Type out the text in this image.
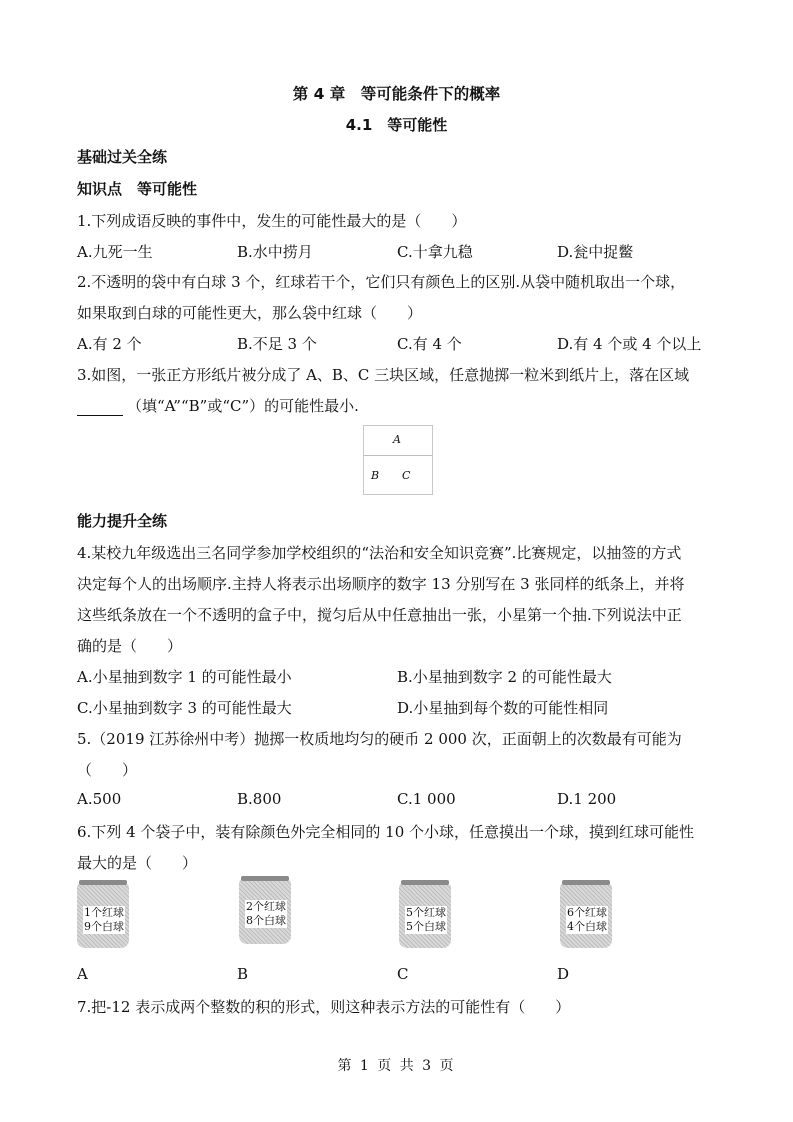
第 4 章　等可能条件下的概率
4.1　等可能性
基础过关全练
知识点　等可能性
1.下列成语反映的事件中，发生的可能性最大的是（　　）
A.九死一生	B.水中捞月	C.十拿九稳	D.瓮中捉鳖
2.不透明的袋中有白球 3 个，红球若干个，它们只有颜色上的区别.从袋中随机取出一个球，
如果取到白球的可能性更大，那么袋中红球（　　）
A.有 2 个	B.不足 3 个	C.有 4 个	D.有 4 个或 4 个以上
3.如图，一张正方形纸片被分成了 A、B、C 三块区域，任意抛掷一粒米到纸片上，落在区域
（填“A”“B”或“C”）的可能性最小.
A
B C
能力提升全练
4.某校九年级选出三名同学参加学校组织的“法治和安全知识竞赛”.比赛规定，以抽签的方式
决定每个人的出场顺序.主持人将表示出场顺序的数字 13 分别写在 3 张同样的纸条上，并将
这些纸条放在一个不透明的盒子中，搅匀后从中任意抽出一张，小星第一个抽.下列说法中正
确的是（　　）
A.小星抽到数字 1 的可能性最小	B.小星抽到数字 2 的可能性最大
C.小星抽到数字 3 的可能性最大	D.小星抽到每个数的可能性相同
5.（2019 江苏徐州中考）抛掷一枚质地均匀的硬币 2 000 次，正面朝上的次数最有可能为
（　　）
A.500	B.800	C.1 000	D.1 200
6.下列 4 个袋子中，装有除颜色外完全相同的 10 个小球，任意摸出一个球，摸到红球可能性
最大的是（　　）
1个红球
9个白球
2个红球
8个白球
5个红球
5个白球
6个红球
4个白球
A	B	C	D
7.把-12 表示成两个整数的积的形式，则这种表示方法的可能性有（　　）
第 1 页 共 3 页
